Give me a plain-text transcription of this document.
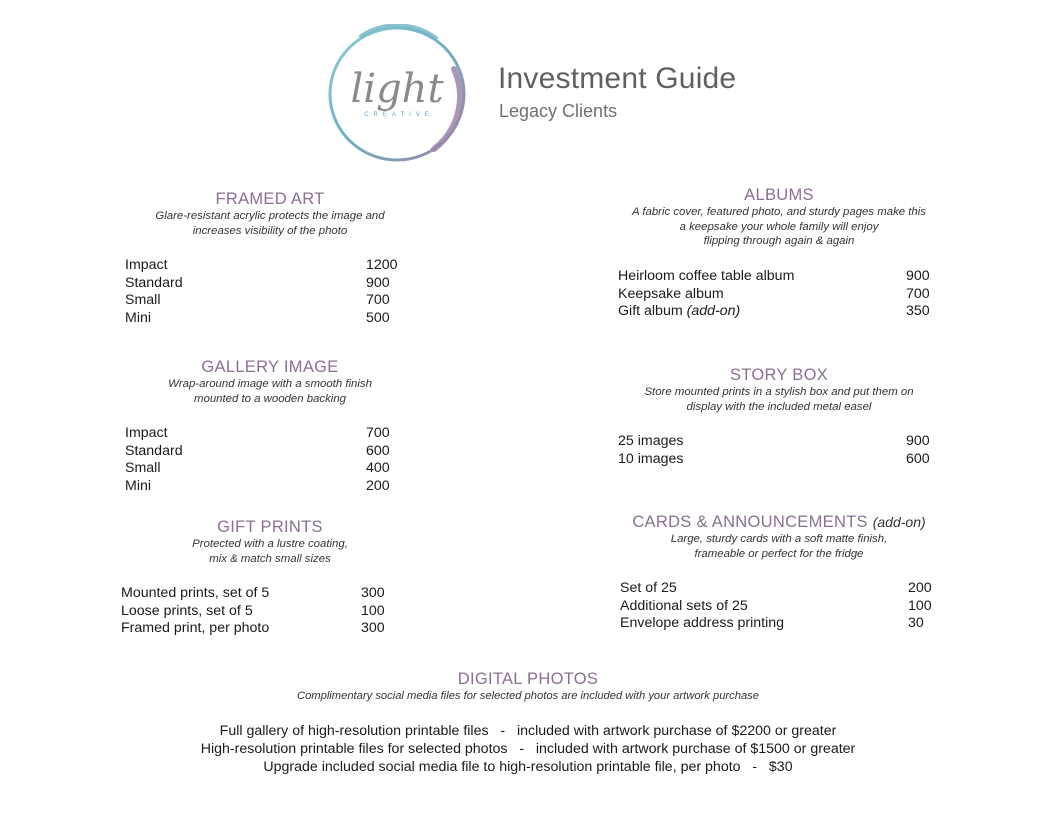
light
CREATIVE
Investment Guide
Legacy Clients
FRAMED ART
Glare-resistant acrylic protects the image and
increases visibility of the photo
Impact	1200
Standard	900
Small	700
Mini	500
GALLERY IMAGE
Wrap-around image with a smooth finish
mounted to a wooden backing
Impact	700
Standard	600
Small	400
Mini	200
GIFT PRINTS
Protected with a lustre coating,
mix & match small sizes
Mounted prints, set of 5	300
Loose prints, set of 5	100
Framed print, per photo	300
ALBUMS
A fabric cover, featured photo, and sturdy pages make this
a keepsake your whole family will enjoy
flipping through again & again
Heirloom coffee table album	900
Keepsake album	700
Gift album (add-on)	350
STORY BOX
Store mounted prints in a stylish box and put them on
display with the included metal easel
25 images	900
10 images	600
CARDS & ANNOUNCEMENTS (add-on)
Large, sturdy cards with a soft matte finish,
frameable or perfect for the fridge
Set of 25	200
Additional sets of 25	100
Envelope address printing	30
DIGITAL PHOTOS
Complimentary social media files for selected photos are included with your artwork purchase
Full gallery of high-resolution printable files   -   included with artwork purchase of $2200 or greater
High-resolution printable files for selected photos   -   included with artwork purchase of $1500 or greater
Upgrade included social media file to high-resolution printable file, per photo   -   $30
